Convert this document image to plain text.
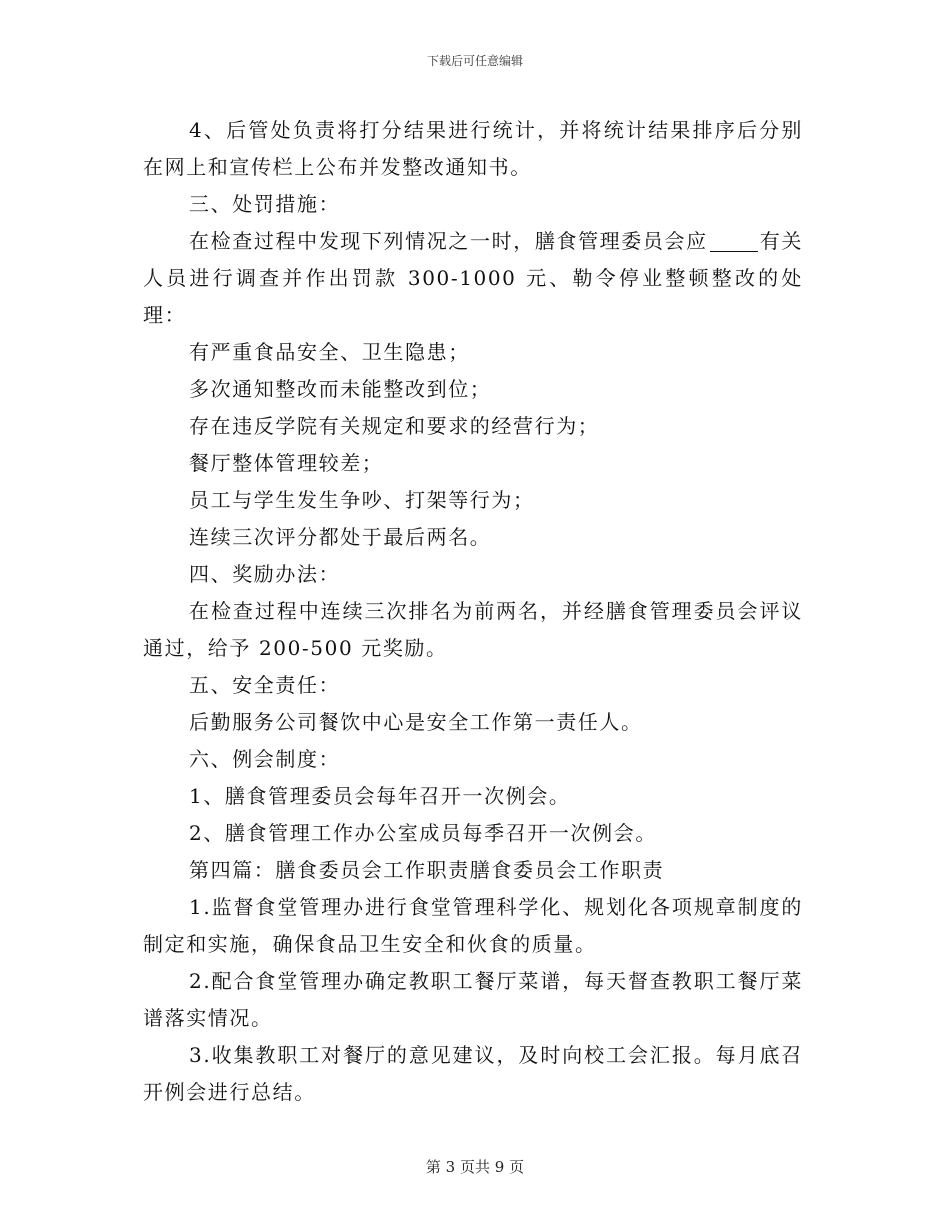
下载后可任意编辑

4、后管处负责将打分结果进行统计，并将统计结果排序后分别在网上和宣传栏上公布并发整改通知书。

三、处罚措施：

在检查过程中发现下列情况之一时，膳食管理委员会应	有关人员进行调查并作出罚款 300-1000 元、勒令停业整顿整改的处理：

有严重食品安全、卫生隐患；

多次通知整改而未能整改到位；

存在违反学院有关规定和要求的经营行为；

餐厅整体管理较差；

员工与学生发生争吵、打架等行为；

连续三次评分都处于最后两名。

四、奖励办法：

在检查过程中连续三次排名为前两名，并经膳食管理委员会评议通过，给予 200-500 元奖励。

五、安全责任：

后勤服务公司餐饮中心是安全工作第一责任人。

六、例会制度：

1、膳食管理委员会每年召开一次例会。

2、膳食管理工作办公室成员每季召开一次例会。

第四篇：膳食委员会工作职责膳食委员会工作职责

1.监督食堂管理办进行食堂管理科学化、规划化各项规章制度的制定和实施，确保食品卫生安全和伙食的质量。

2.配合食堂管理办确定教职工餐厅菜谱，每天督查教职工餐厅菜谱落实情况。

3.收集教职工对餐厅的意见建议，及时向校工会汇报。每月底召开例会进行总结。

第 3 页共 9 页
